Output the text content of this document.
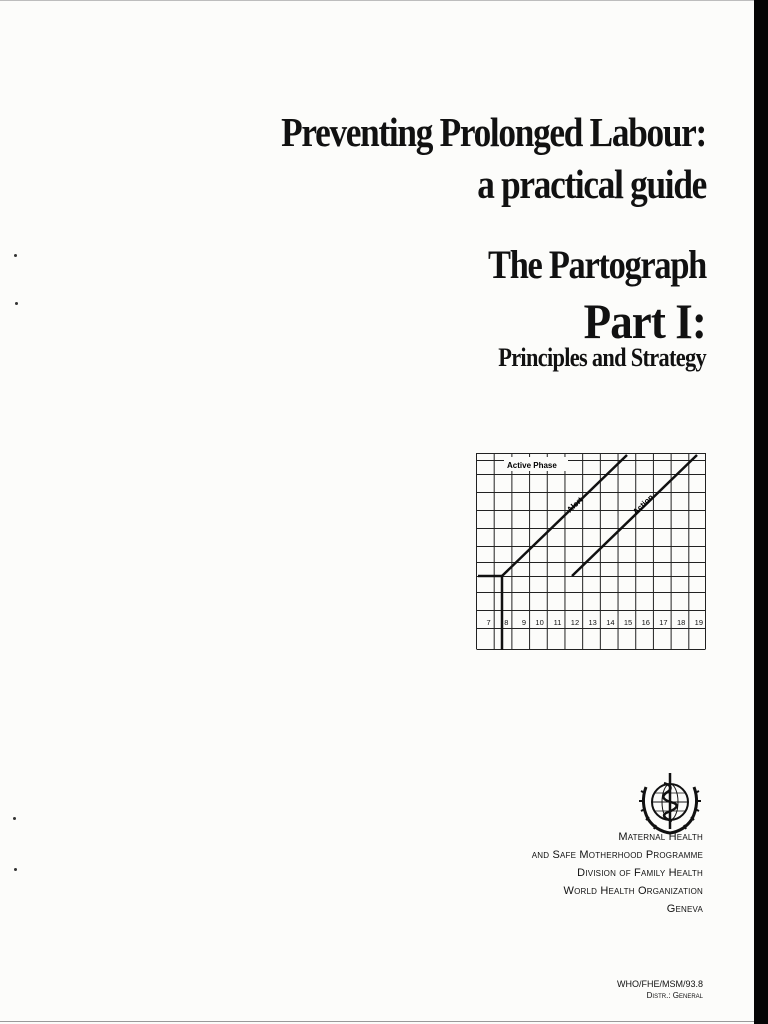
Preventing Prolonged Labour:
a practical guide
The Partograph
Part I:
Principles and Strategy
Active Phase
Alert	Action
7 8 9 10 11 12 13 14 15 16 17 18 19
Maternal Health
and Safe Motherhood Programme
Division of Family Health
World Health Organization
Geneva
WHO/FHE/MSM/93.8
Distr.: General
